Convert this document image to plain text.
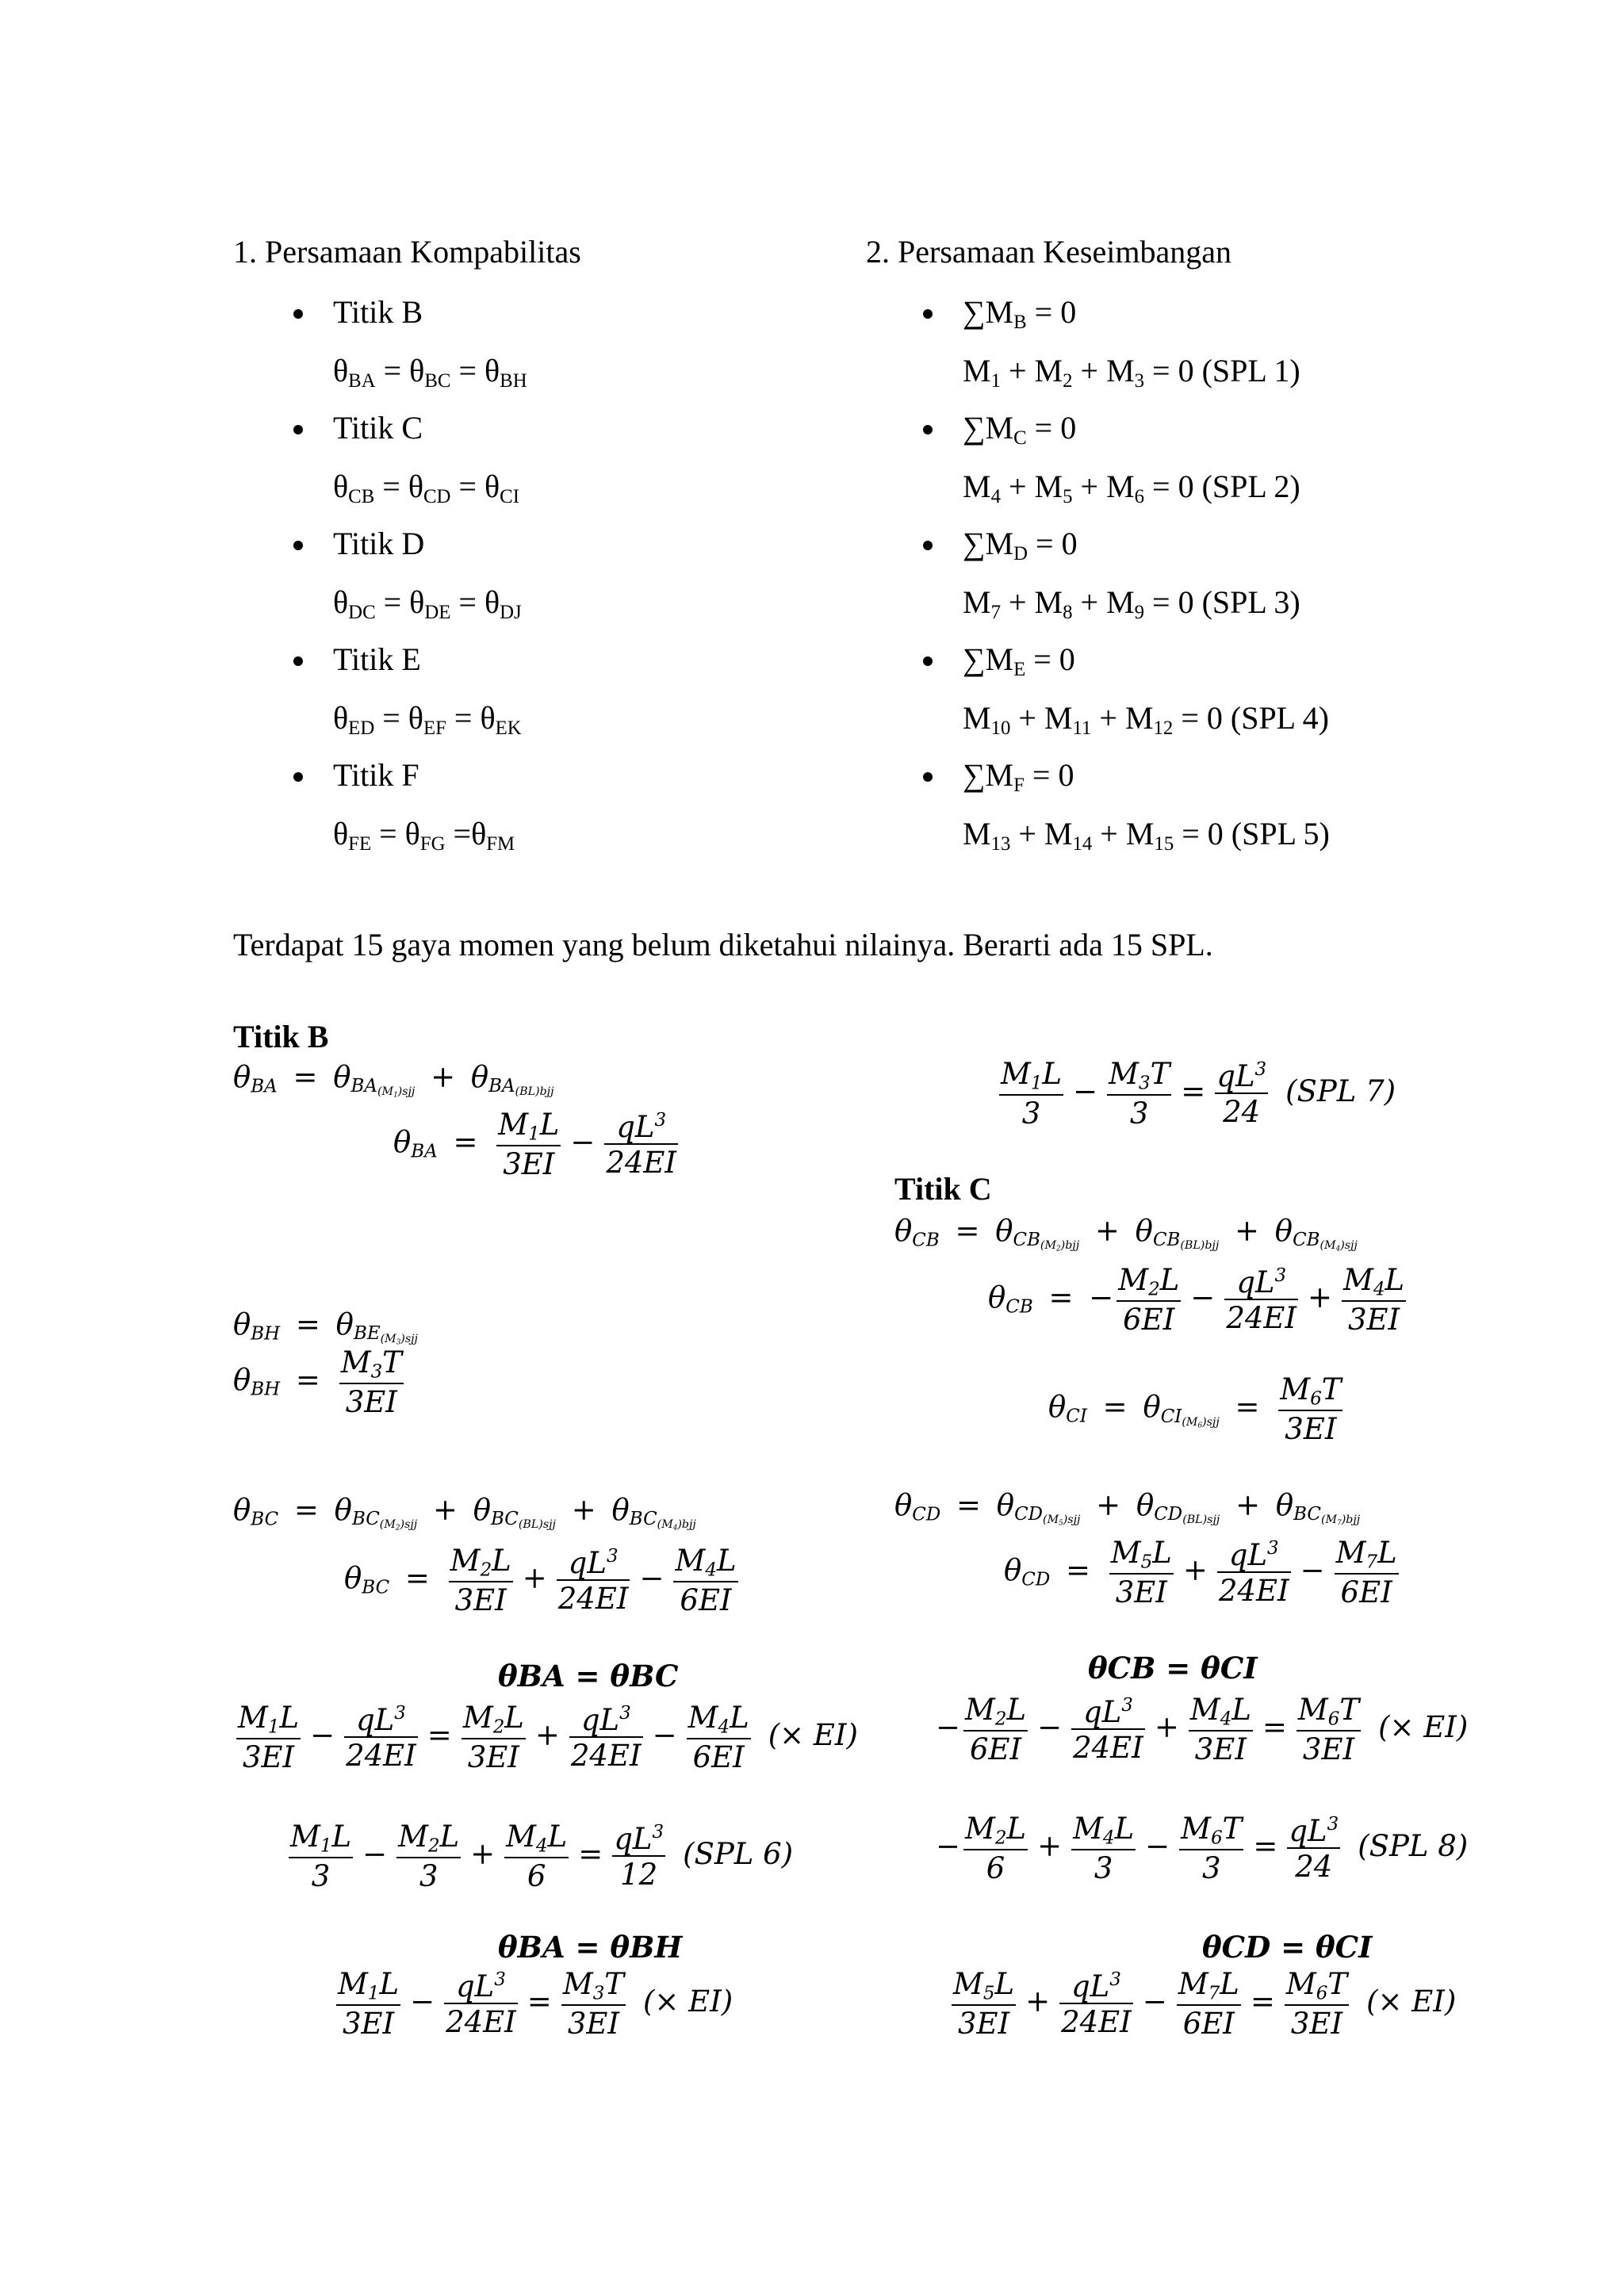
1. Persamaan Kompabilitas
Titik B
$\theta_{BA} = \theta_{BC} = \theta_{BH}$
Titik C
$\theta_{CB} = \theta_{CD} = \theta_{CI}$
Titik D
$\theta_{DC} = \theta_{DE} = \theta_{DJ}$
Titik E
$\theta_{ED} = \theta_{EF} = \theta_{EK}$
Titik F
$\theta_{FE} = \theta_{FG} =\theta_{FM}$
2. Persamaan Keseimbangan
$\sum M_B = 0$
$M_1 + M_2 + M_3 = 0$ (SPL 1)
$\sum M_C = 0$
$M_4 + M_5 + M_6 = 0$ (SPL 2)
$\sum M_D = 0$
$M_7 + M_8 + M_9 = 0$ (SPL 3)
$\sum M_E = 0$
$M_{10} + M_{11} + M_{12} = 0$ (SPL 4)
$\sum M_F = 0$
$M_{13} + M_{14} + M_{15} = 0$ (SPL 5)
Terdapat 15 gaya momen yang belum diketahui nilainya. Berarti ada 15 SPL.
Titik B
$\theta_{BA} = \theta_{BA_{(M_1)sjj}} + \theta_{BA_{(BL)bjj}}$
$\theta_{BA} = \frac{M_1L}{3EI} - \frac{qL^3}{24EI}$
$\theta_{BH} = \theta_{BE_{(M_3)sjj}}$
$\theta_{BH} = \frac{M_3T}{3EI}$
$\theta_{BC} = \theta_{BC_{(M_2)sjj}} + \theta_{BC_{(BL)sjj}} + \theta_{BC_{(M_4)bjj}}$
$\theta_{BC} = \frac{M_2L}{3EI} + \frac{qL^3}{24EI} - \frac{M_4L}{6EI}$
θBA = θBC
$\frac{M_1L}{3EI} - \frac{qL^3}{24EI} = \frac{M_2L}{3EI} + \frac{qL^3}{24EI} - \frac{M_4L}{6EI}$ (× EI)
$\frac{M_1L}{3} - \frac{M_2L}{3} + \frac{M_4L}{6} = \frac{qL^3}{12} (SPL$ 6)
θBA = θBH
$\frac{M_1L}{3EI} - \frac{qL^3}{24EI} = \frac{M_3T}{3EI}$ (× EI)
$\frac{M_1L}{3} - \frac{M_3T}{3} = \frac{qL^3}{24} (SPL$ 7)
Titik C
$\theta_{CB} = \theta_{CB_{(M_2)bjj}} + \theta_{CB_{(BL)bjj}} + \theta_{CB_{(M_4)sjj}}$
$\theta_{CB}$ = − $\frac{M_2L}{6EI} - \frac{qL^3}{24EI} + \frac{M_4L}{3EI}$
$\theta_{CI} = \theta_{CI_{(M_6)sjj}} = \frac{M_6T}{3EI}$
$\theta_{CD} = \theta_{CD_{(M_5)sjj}} + \theta_{CD_{(BL)sjj}} + \theta_{BC_{(M_7)bjj}}$
$\theta_{CD} = \frac{M_5L}{3EI} + \frac{qL^3}{24EI} - \frac{M_7L}{6EI}$
θCB = θCI
− $\frac{M_2L}{6EI} - \frac{qL^3}{24EI} + \frac{M_4L}{3EI} = \frac{M_6T}{3EI}$ (× EI)
− $\frac{M_2L}{6} + \frac{M_4L}{3} - \frac{M_6T}{3} = \frac{qL^3}{24} (SPL$ 8)
θCD = θCI
$\frac{M_5L}{3EI} + \frac{qL^3}{24EI} - \frac{M_7L}{6EI} = \frac{M_6T}{3EI}$ (× EI)
